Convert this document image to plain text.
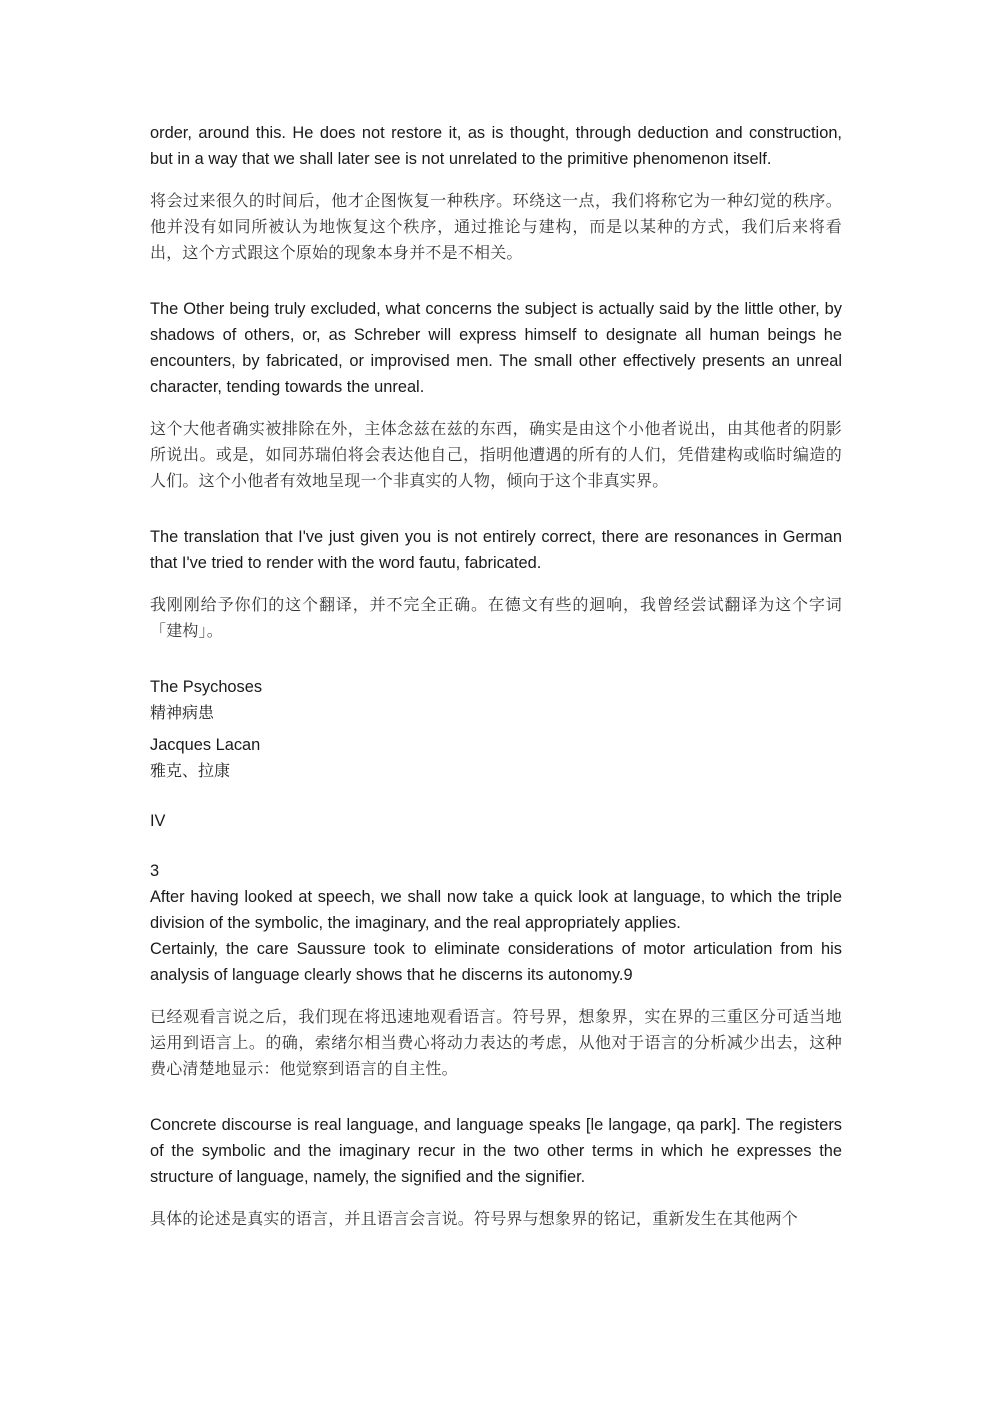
order, around this. He does not restore it, as is thought, through deduction and construction, but in a way that we shall later see is not unrelated to the primitive phenomenon itself.

将会过来很久的时间后，他才企图恢复一种秩序。环绕这一点，我们将称它为一种幻觉的秩序。他并没有如同所被认为地恢复这个秩序，通过推论与建构，而是以某种的方式，我们后来将看出，这个方式跟这个原始的现象本身并不是不相关。

The Other being truly excluded, what concerns the subject is actually said by the little other, by shadows of others, or, as Schreber will express himself to designate all human beings he encounters, by fabricated, or improvised men. The small other effectively presents an unreal character, tending towards the unreal.

这个大他者确实被排除在外，主体念兹在兹的东西，确实是由这个小他者说出，由其他者的阴影所说出。或是，如同苏瑞伯将会表达他自己，指明他遭遇的所有的人们，凭借建构或临时编造的人们。这个小他者有效地呈现一个非真实的人物，倾向于这个非真实界。

The translation that I've just given you is not entirely correct, there are resonances in German that I've tried to render with the word fautu, fabricated.

我刚刚给予你们的这个翻译，并不完全正确。在德文有些的迴响，我曾经尝试翻译为这个字词「建构」。

The Psychoses

精神病患

Jacques Lacan

雅克、拉康

IV

3

After having looked at speech, we shall now take a quick look at language, to which the triple division of the symbolic, the imaginary, and the real appropriately applies.

Certainly, the care Saussure took to eliminate considerations of motor articulation from his analysis of language clearly shows that he discerns its autonomy.9

已经观看言说之后，我们现在将迅速地观看语言。符号界，想象界，实在界的三重区分可适当地运用到语言上。的确，索绪尔相当费心将动力表达的考虑，从他对于语言的分析减少出去，这种费心清楚地显示：他觉察到语言的自主性。

Concrete discourse is real language, and language speaks [le langage, qa park]. The registers of the symbolic and the imaginary recur in the two other terms in which he expresses the structure of language, namely, the signified and the signifier.

具体的论述是真实的语言，并且语言会言说。符号界与想象界的铭记，重新发生在其他两个
